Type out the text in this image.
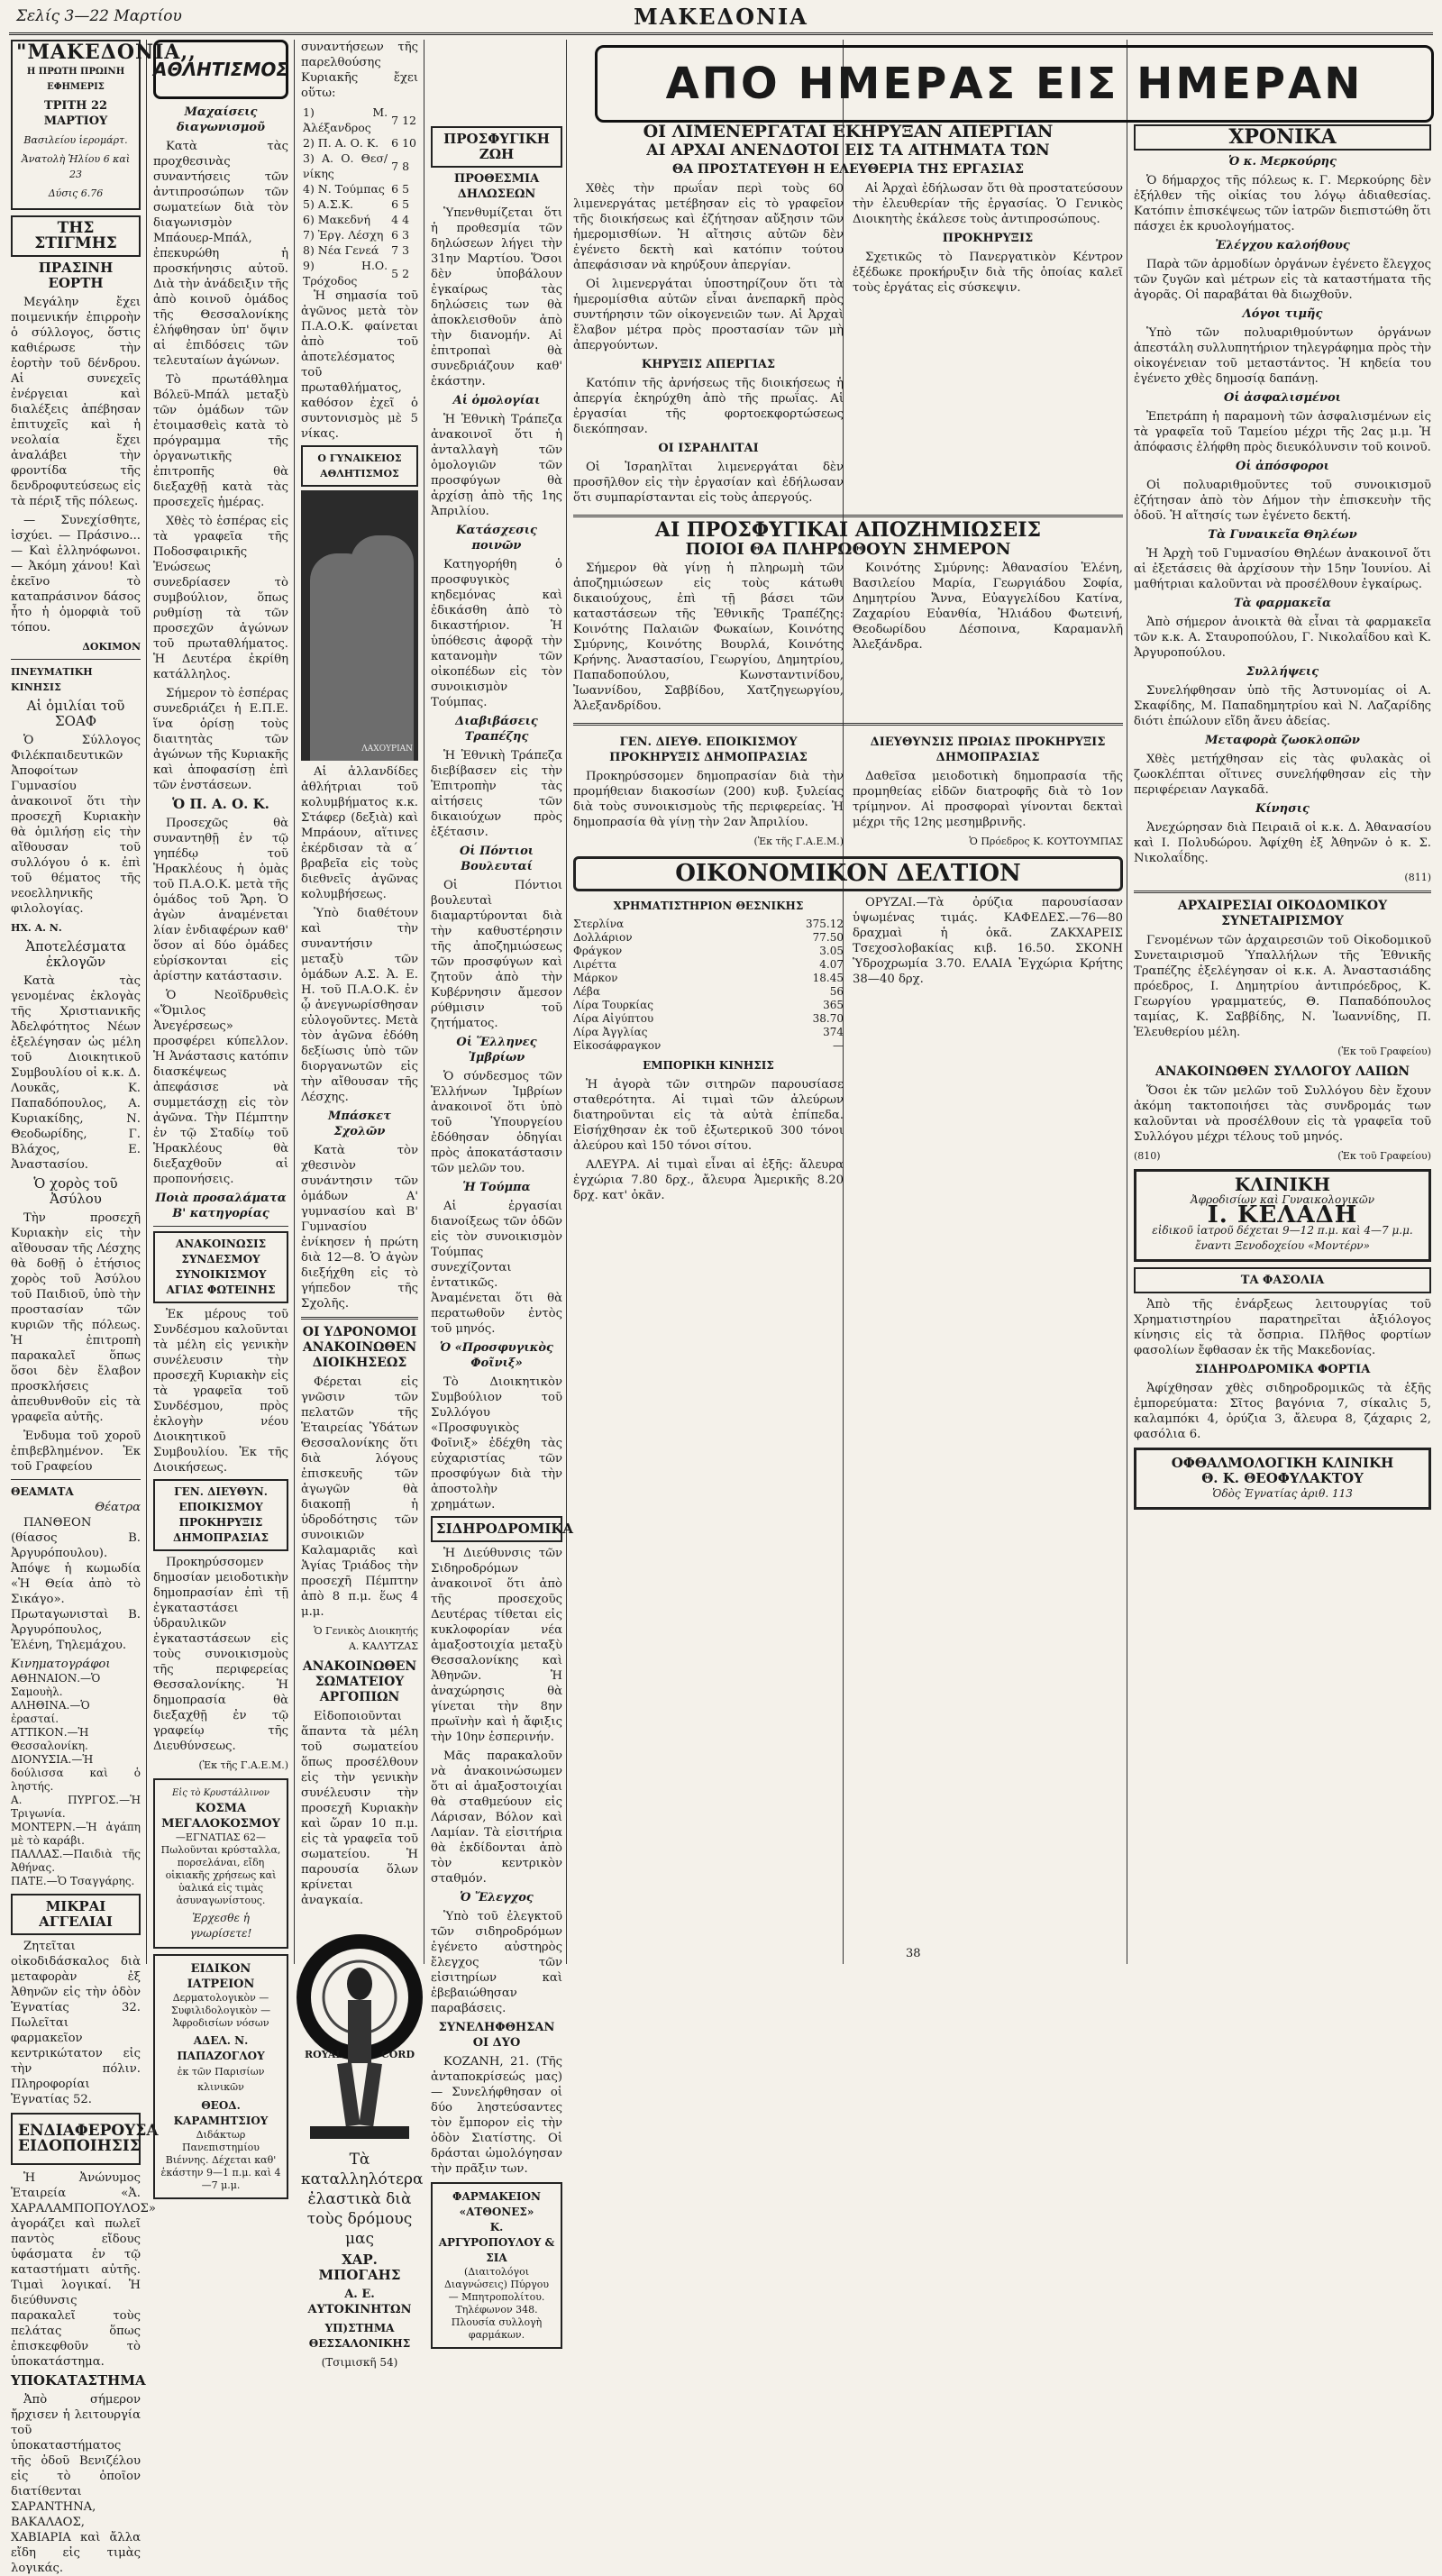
Σελίς 3—22 Μαρτίου	ΜΑΚΕΔΟΝΙΑ
"ΜΑΚΕΔΟΝΙΑ,,
Η ΠΡΩΤΗ ΠΡΩΙΝΗ ΕΦΗΜΕΡΙΣ
ΤΡΙΤΗ 22 ΜΑΡΤΙΟΥ
Βασιλείου ἱερομάρτ.
Ἀνατολὴ Ἡλίου 6 καὶ 23
Δύσις 6.76
ΤΗΣ ΣΤΙΓΜΗΣ
ΠΡΑΣΙΝΗ ΕΟΡΤΗ

Μεγάλην ἔχει ποιμενικήν ἐπιρροὴν ὁ σύλλογος, ὅστις καθιέρωσε τὴν ἑορτὴν τοῦ δένδρου. Αἱ συνεχεῖς ἐνέργειαι καὶ διαλέξεις ἀπέβησαν ἐπιτυχεῖς καὶ ἡ νεολαία ἔχει ἀναλάβει τὴν φροντίδα τῆς δενδροφυτεύσεως εἰς τὰ πέριξ τῆς πόλεως.

— Συνεχίσθητε, ἰσχύει. — Πράσινο... — Καὶ ἐλληνόφωνοι. — Ἀκόμη χάνου! Καὶ ἐκεῖνο τὸ καταπράσινον δάσος ἦτο ἡ ὀμορφιὰ τοῦ τόπου.

ΔΟΚΙΜΟΝ
ΠΝΕΥΜΑΤΙΚΗ ΚΙΝΗΣΙΣ
Αἱ ὁμιλίαι τοῦ ΣΟΑΦ

Ὁ Σύλλογος Φιλέκπαιδευτικῶν Ἀποφοίτων Γυμνασίου ἀνακοινοῖ ὅτι τὴν προσεχῆ Κυριακὴν θὰ ὁμιλήσῃ εἰς τὴν αἴθουσαν τοῦ συλλόγου ὁ κ. ἐπὶ τοῦ θέματος τῆς νεοελληνικῆς φιλολογίας.

ΗΧ. Α. Ν.
Ἀποτελέσματα ἐκλογῶν

Κατὰ τὰς γενομένας ἐκλογὰς τῆς Χριστιανικῆς Ἀδελφότητος Νέων ἐξελέγησαν ὡς μέλη τοῦ Διοικητικοῦ Συμβουλίου οἱ κ.κ. Δ. Λουκᾶς, Κ. Παπαδόπουλος, Α. Κυριακίδης, Ν. Θεοδωρίδης, Γ. Βλάχος, Ε. Ἀναστασίου.

Ὁ χορὸς τοῦ Ἀσύλου

Τὴν προσεχῆ Κυριακὴν εἰς τὴν αἴθουσαν τῆς Λέσχης θὰ δοθῇ ὁ ἐτήσιος χορὸς τοῦ Ἀσύλου τοῦ Παιδιοῦ, ὑπὸ τὴν προστασίαν τῶν κυριῶν τῆς πόλεως. Ἡ ἐπιτροπὴ παρακαλεῖ ὅπως ὅσοι δὲν ἔλαβον προσκλήσεις ἀπευθυνθοῦν εἰς τὰ γραφεῖα αὐτῆς.

Ἐνδυμα τοῦ χοροῦ ἐπιβεβλημένον. Ἐκ τοῦ Γραφείου

ΘΕΑΜΑΤΑ
Θέατρα

ΠΑΝΘΕΟΝ (θίασος Β. Ἀργυρόπουλου). Ἀπόψε ἡ κωμωδία «Ἡ Θεία ἀπὸ τὸ Σικάγο». Πρωταγωνισταὶ Β. Ἀργυρόπουλος, Ἑλένη, Τηλεμάχου.

Κινηματογράφοι
ΑΘΗΝΑΙΟΝ.—Ὁ Σαμουὴλ.
ΑΛΗΘΙΝΑ.—Ὁ ἐρασταί.
ΑΤΤΙΚΟΝ.—Ἡ Θεσσαλονίκη.
ΔΙΟΝΥΣΙΑ.—Ἡ δούλισσα καὶ ὁ ληστής.
Α. ΠΥΡΓΟΣ.—Ἡ Τριγωνία.
ΜΟΝΤΕΡΝ.—Ἡ ἀγάπη μὲ τὸ καράβι.
ΠΑΛΛΑΣ.—Παιδιὰ τῆς Ἀθήνας.
ΠΑΤΕ.—Ὁ Τσαγγάρης.
ΜΙΚΡΑΙ ΑΓΓΕΛΙΑΙ

Ζητεῖται οἰκοδιδάσκαλος διὰ μεταφορὰν ἐξ Ἀθηνῶν εἰς τὴν ὁδὸν Ἐγνατίας 32. Πωλεῖται φαρμακεῖον κεντρικώτατον εἰς τὴν πόλιν. Πληροφορίαι Ἐγνατίας 52.

ΕΝΔΙΑΦΕΡΟΥΣΑ ΕΙΔΟΠΟΙΗΣΙΣ

Ἡ Ἀνώνυμος Ἑταιρεία «Ἀ. ΧΑΡΑΛΑΜΠΟΠΟΥΛΟΣ» ἀγοράζει καὶ πωλεῖ παντὸς εἴδους ὑφάσματα ἐν τῷ καταστήματι αὐτῆς. Τιμαὶ λογικαί. Ἡ διεύθυνσις παρακαλεῖ τοὺς πελάτας ὅπως ἐπισκεφθοῦν τὸ ὑποκατάστημα.

ΥΠΟΚΑΤΑΣΤΗΜΑ

Ἀπὸ σήμερον ἤρχισεν ἡ λειτουργία τοῦ ὑποκαταστήματος τῆς ὁδοῦ Βενιζέλου εἰς τὸ ὁποῖον διατίθενται ΣΑΡΑΝΤΗΝΑ, ΒΑΚΑΛΑΟΣ, ΧΑΒΙΑΡΙΑ καὶ ἄλλα εἴδη εἰς τιμὰς λογικάς.

ΑΘΛΗΤΙΣΜΟΣ
Μαχαίσεις διαγωνισμοῦ

Κατὰ τὰς προχθεσινὰς συναντήσεις τῶν ἀντιπροσώπων τῶν σωματείων διὰ τὸν διαγωνισμὸν Μπάουερ-Μπάλ, ἐπεκυρώθη ἡ προσκήνησις αὐτοῦ. Διὰ τὴν ἀνάδειξιν τῆς ἀπὸ κοινοῦ ὁμάδος τῆς Θεσσαλονίκης ἐλήφθησαν ὑπ' ὄψιν αἱ ἐπιδόσεις τῶν τελευταίων ἀγώνων.

Τὸ πρωτάθλημα Βόλεϋ-Μπάλ μεταξὺ τῶν ὁμάδων τῶν ἐτοιμασθεὶς κατὰ τὸ πρόγραμμα τῆς ὀργανωτικῆς ἐπιτροπῆς θὰ διεξαχθῇ κατὰ τὰς προσεχεῖς ἡμέρας.

Χθὲς τὸ ἑσπέρας εἰς τὰ γραφεῖα τῆς Ποδοσφαιρικῆς Ἑνώσεως συνεδρίασεν τὸ συμβούλιον, ὅπως ρυθμίσῃ τὰ τῶν προσεχῶν ἀγώνων τοῦ πρωταθλήματος. Ἡ Δευτέρα ἐκρίθη κατάλληλος.

Σήμερον τὸ ἑσπέρας συνεδριάζει ἡ Ε.Π.Ε. ἵνα ὁρίσῃ τοὺς διαιτητὰς τῶν ἀγώνων τῆς Κυριακῆς καὶ ἀποφασίσῃ ἐπὶ τῶν ἐνστάσεων.

Ὁ Π. Α. Ο. Κ.

Προσεχῶς θὰ συναντηθῇ ἐν τῷ γηπέδῳ τοῦ Ἡρακλέους ἡ ὁμὰς τοῦ Π.Α.Ο.Κ. μετὰ τῆς ὁμάδος τοῦ Ἄρη. Ὁ ἀγὼν ἀναμένεται λίαν ἐνδιαφέρων καθ' ὅσον αἱ δύο ὁμάδες εὑρίσκονται εἰς ἀρίστην κατάστασιν.

Ὁ Νεοϊδρυθεὶς «Ὅμιλος Ἀνεγέρσεως» προσφέρει κύπελλον. Ἡ Ἀνάστασις κατόπιν διασκέψεως ἀπεφάσισε νὰ συμμετάσχῃ εἰς τὸν ἀγῶνα. Τὴν Πέμπτην ἐν τῷ Σταδίῳ τοῦ Ἡρακλέους θὰ διεξαχθοῦν αἱ προπονήσεις.

Ποιὰ προσαλάματα Β' κατηγορίας
ΑΝΑΚΟΙΝΩΣΙΣ ΣΥΝΔΕΣΜΟΥ ΣΥΝΟΙΚΙΣΜΟΥ ΑΓΙΑΣ ΦΩΤΕΙΝΗΣ

Ἐκ μέρους τοῦ Συνδέσμου καλοῦνται τὰ μέλη εἰς γενικὴν συνέλευσιν τὴν προσεχῆ Κυριακὴν εἰς τὰ γραφεῖα τοῦ Συνδέσμου, πρὸς ἐκλογὴν νέου Διοικητικοῦ Συμβουλίου. Ἐκ τῆς Διοικήσεως.

ΓΕΝ. ΔΙΕΥΘΥΝ. ΕΠΟΙΚΙΣΜΟΥ ΠΡΟΚΗΡΥΞΙΣ ΔΗΜΟΠΡΑΣΙΑΣ

Προκηρύσσομεν δημοσίαν μειοδοτικὴν δημοπρασίαν ἐπὶ τῇ ἐγκαταστάσει ὑδραυλικῶν ἐγκαταστάσεων εἰς τοὺς συνοικισμοὺς τῆς περιφερείας Θεσσαλονίκης. Ἡ δημοπρασία θὰ διεξαχθῇ ἐν τῷ γραφείῳ τῆς Διευθύνσεως.

(Ἐκ τῆς Γ.Α.Ε.Μ.)
Εἰς τὸ Κρυστάλλινον
ΚΟΣΜΑ ΜΕΓΑΛΟΚΟΣΜΟΥ
—ΕΓΝΑΤΙΑΣ 62— Πωλοῦνται κρύσταλλα, πορσελάναι, εἴδη οἰκιακῆς χρήσεως καὶ ὑαλικά εἰς τιμὰς ἀσυναγωνίστους.
Ἐρχεσθε ἡ γνωρίσετε!
ΕΙΔΙΚΟΝ ΙΑΤΡΕΙΟΝ
Δερματολογικὸν — Συφιλιδολογικὸν — Ἀφροδισίων νόσων
ΑΔΕΛ. Ν. ΠΑΠΑΖΟΓΛΟΥ
ἐκ τῶν Παρισίων κλινικῶν
ΘΕΟΔ. ΚΑΡΑΜΗΤΣΙΟΥ
Διδάκτωρ Πανεπιστημίου Βιέννης. Δέχεται καθ' ἑκάστην 9—1 π.μ. καὶ 4—7 μ.μ.

συναντήσεων τῆς παρελθούσης Κυριακῆς ἔχει οὕτω:

1) Μ. Ἀλέξανδρος	7	12
2) Π. Α. Ο. Κ.	6	10
3) Α. Ο. Θεσ/νίκης	7	8
4) Ν. Τούμπας	6	5
5) Α.Σ.Κ.	6	5
6) Μακεδνή	4	4
7) Ἐργ. Λέσχη	6	3
8) Νέα Γενεά	7	3
9) Η.Ο. Τρόχοδος	5	2

Ἡ σημασία τοῦ ἀγῶνος μετὰ τὸν Π.Α.Ο.Κ. φαίνεται ἀπὸ τοῦ ἀποτελέσματος τοῦ πρωταθλήματος, καθόσον ἐχεῖ ὁ συντονισμὸς μὲ 5 νίκας.

Ο ΓΥΝΑΙΚΕΙΟΣ ΑΘΛΗΤΙΣΜΟΣ
ΛΑΧΟΥΡΙΑΝ

Αἱ ἀλλανδίδες ἀθλήτριαι τοῦ κολυμβήματος κ.κ. Στάφερ (δεξιὰ) καὶ Μπράουν, αἵτινες ἐκέρδισαν τὰ α΄ βραβεῖα εἰς τοὺς διεθνεῖς ἀγῶνας κολυμβήσεως.

Ὑπὸ διαθέτουν καὶ τὴν συναντήσιν μεταξὺ τῶν ὁμάδων Α.Σ. Ἀ. Ε. Η. τοῦ Π.Α.Ο.Κ. ἐν ᾧ ἀνεγνωρίσθησαν εὐλογοῦντες. Μετὰ τὸν ἀγῶνα ἐδόθη δεξίωσις ὑπὸ τῶν διοργανωτῶν εἰς τὴν αἴθουσαν τῆς Λέσχης.

Μπάσκετ Σχολῶν

Κατὰ τὸν χθεσινὸν συνάντησιν τῶν ὁμάδων Α' γυμνασίου καὶ Β' Γυμνασίου ἐνίκησεν ἡ πρώτη διὰ 12—8. Ὁ ἀγὼν διεξήχθη εἰς τὸ γήπεδον τῆς Σχολῆς.

ΟΙ ΥΔΡΟΝΟΜΟΙ ΑΝΑΚΟΙΝΩΘΕΝ ΔΙΟΙΚΗΣΕΩΣ

Φέρεται εἰς γνῶσιν τῶν πελατῶν τῆς Ἑταιρείας Ὑδάτων Θεσσαλονίκης ὅτι διὰ λόγους ἐπισκευῆς τῶν ἀγωγῶν θὰ διακοπῇ ἡ ὑδροδότησις τῶν συνοικιῶν Καλαμαριᾶς καὶ Ἁγίας Τριάδος τὴν προσεχῆ Πέμπτην ἀπὸ 8 π.μ. ἕως 4 μ.μ.

Ὁ Γενικὸς Διοικητής Α. ΚΑΛΥΤΖΑΣ
ΑΝΑΚΟΙΝΩΘΕΝ ΣΩΜΑΤΕΙΟΥ ΑΡΓΟΠΙΩΝ

Εἰδοποιοῦνται ἅπαντα τὰ μέλη τοῦ σωματείου ὅπως προσέλθουν εἰς τὴν γενικὴν συνέλευσιν τὴν προσεχῆ Κυριακὴν καὶ ὥραν 10 π.μ. εἰς τὰ γραφεῖα τοῦ σωματείου. Ἡ παρουσία ὅλων κρίνεται ἀναγκαία.

ROYAL	CORD
Τὰ καταλληλότερα ἐλαστικὰ διὰ τοὺς δρόμους μας
ΧΑΡ. ΜΠΟΓΑΗΣ
Α. Ε. ΑΥΤΟΚΙΝΗΤΩΝ
ΥΠ)ΣΤΗΜΑ ΘΕΣΣΑΛΟΝΙΚΗΣ
(Τσιμισκῆ 54)
ΑΠΟ ΗΜΕΡΑΣ ΕΙΣ ΗΜΕΡΑΝ
ΠΡΟΣΦΥΓΙΚΗ ΖΩΗ
ΠΡΟΘΕΣΜΙΑ ΔΗΛΩΣΕΩΝ

Ὑπενθυμίζεται ὅτι ἡ προθεσμία τῶν δηλώσεων λήγει τὴν 31ην Μαρτίου. Ὅσοι δὲν ὑποβάλουν ἐγκαίρως τὰς δηλώσεις των θὰ ἀποκλεισθοῦν ἀπὸ τὴν διανομήν. Αἱ ἐπιτροπαὶ θὰ συνεδριάζουν καθ' ἑκάστην.

Αἱ ὁμολογίαι

Ἡ Ἐθνικὴ Τράπεζα ἀνακοινοῖ ὅτι ἡ ἀνταλλαγὴ τῶν ὁμολογιῶν τῶν προσφύγων θὰ ἀρχίσῃ ἀπὸ τῆς 1ης Ἀπριλίου.

Κατάσχεσις ποινῶν

Κατηγορήθη ὁ προσφυγικὸς κηδεμόνας καὶ ἐδικάσθη ἀπὸ τὸ δικαστήριον. Ἡ ὑπόθεσις ἀφορᾷ τὴν κατανομὴν τῶν οἰκοπέδων εἰς τὸν συνοικισμὸν Τούμπας.

Διαβιβάσεις Τραπέζης

Ἡ Ἐθνικὴ Τράπεζα διεβίβασεν εἰς τὴν Ἐπιτροπὴν τὰς αἰτήσεις τῶν δικαιούχων πρὸς ἐξέτασιν.

Οἱ Πόντιοι Βουλευταί

Οἱ Πόντιοι βουλευταὶ διαμαρτύρονται διὰ τὴν καθυστέρησιν τῆς ἀποζημιώσεως τῶν προσφύγων καὶ ζητοῦν ἀπὸ τὴν Κυβέρνησιν ἄμεσον ρύθμισιν τοῦ ζητήματος.

Οἱ Ἕλληνες Ἰμβρίων

Ὁ σύνδεσμος τῶν Ἑλλήνων Ἰμβρίων ἀνακοινοῖ ὅτι ὑπὸ τοῦ Ὑπουργείου ἐδόθησαν ὁδηγίαι πρὸς ἀποκατάστασιν τῶν μελῶν του.

Ἡ Τούμπα

Αἱ ἐργασίαι διανοίξεως τῶν ὁδῶν εἰς τὸν συνοικισμὸν Τούμπας συνεχίζονται ἐντατικῶς. Ἀναμένεται ὅτι θὰ περατωθοῦν ἐντὸς τοῦ μηνός.

Ὁ «Προσφυγικὸς Φοῖνιξ»

Τὸ Διοικητικὸν Συμβούλιον τοῦ Συλλόγου «Προσφυγικὸς Φοῖνιξ» ἐδέχθη τὰς εὐχαριστίας τῶν προσφύγων διὰ τὴν ἀποστολὴν χρημάτων.

ΣΙΔΗΡΟΔΡΟΜΙΚΑ

Ἡ Διεύθυνσις τῶν Σιδηροδρόμων ἀνακοινοῖ ὅτι ἀπὸ τῆς προσεχοῦς Δευτέρας τίθεται εἰς κυκλοφορίαν νέα ἁμαξοστοιχία μεταξὺ Θεσσαλονίκης καὶ Ἀθηνῶν. Ἡ ἀναχώρησις θὰ γίνεται τὴν 8ην πρωϊνὴν καὶ ἡ ἄφιξις τὴν 10ην ἑσπερινήν.

Μᾶς παρακαλοῦν νὰ ἀνακοινώσωμεν ὅτι αἱ ἁμαξοστοιχίαι θὰ σταθμεύουν εἰς Λάρισαν, Βόλον καὶ Λαμίαν. Τὰ εἰσιτήρια θὰ ἐκδίδονται ἀπὸ τὸν κεντρικὸν σταθμόν.

Ὁ Ἔλεγχος

Ὑπὸ τοῦ ἐλεγκτοῦ τῶν σιδηροδρόμων ἐγένετο αὐστηρὸς ἔλεγχος τῶν εἰσιτηρίων καὶ ἐβεβαιώθησαν παραβάσεις.

ΣΥΝΕΛΗΦΘΗΣΑΝ ΟΙ ΔΥΟ

ΚΟΖΑΝΗ, 21. (Τῆς ἀνταποκρίσεώς μας) — Συνελήφθησαν οἱ δύο ληστεύσαντες τὸν ἔμπορον εἰς τὴν ὁδὸν Σιατίστης. Οἱ δράσται ὡμολόγησαν τὴν πρᾶξιν των.

ΦΑΡΜΑΚΕΙΟΝ «ΑΤΘΟΝΕΣ»
Κ. ΑΡΓΥΡΟΠΟΥΛΟΥ & ΣΙΑ
(Διαιτολόγοι Διαγνώσεις) Πύργου — Μπητροπολίτου. Τηλέφωνον 348. Πλουσία συλλογὴ φαρμάκων.
ΟΙ ΛΙΜΕΝΕΡΓΑΤΑΙ ΕΚΗΡΥΞΑΝ ΑΠΕΡΓΙΑΝ
ΑΙ ΑΡΧΑΙ ΑΝΕΝΔΟΤΟΙ ΕΙΣ ΤΑ ΑΙΤΗΜΑΤΑ ΤΩΝ
ΘΑ ΠΡΟΣΤΑΤΕΥΘΗ Η ΕΛΕΥΘΕΡΙΑ ΤΗΣ ΕΡΓΑΣΙΑΣ

Χθὲς τὴν πρωΐαν περὶ τοὺς 60 λιμενεργάτας μετέβησαν εἰς τὸ γραφεῖον τῆς διοικήσεως καὶ ἐζήτησαν αὔξησιν τῶν ἡμερομισθίων. Ἡ αἴτησις αὐτῶν δὲν ἐγένετο δεκτὴ καὶ κατόπιν τούτου ἀπεφάσισαν νὰ κηρύξουν ἀπεργίαν.

Οἱ λιμενεργάται ὑποστηρίζουν ὅτι τὰ ἡμερομίσθια αὐτῶν εἶναι ἀνεπαρκῆ πρὸς συντήρησιν τῶν οἰκογενειῶν των. Αἱ Ἀρχαὶ ἔλαβον μέτρα πρὸς προστασίαν τῶν μὴ ἀπεργούντων.

ΚΗΡΥΞΙΣ ΑΠΕΡΓΙΑΣ

Κατόπιν τῆς ἀρνήσεως τῆς διοικήσεως ἡ ἀπεργία ἐκηρύχθη ἀπὸ τῆς πρωΐας. Αἱ ἐργασίαι τῆς φορτοεκφορτώσεως διεκόπησαν.

ΟΙ ΙΣΡΑΗΛΙΤΑΙ

Οἱ Ἰσραηλῖται λιμενεργάται δὲν προσῆλθον εἰς τὴν ἐργασίαν καὶ ἐδήλωσαν ὅτι συμπαρίστανται εἰς τοὺς ἀπεργούς.

Αἱ Ἀρχαὶ ἐδήλωσαν ὅτι θὰ προστατεύσουν τὴν ἐλευθερίαν τῆς ἐργασίας. Ὁ Γενικὸς Διοικητὴς ἐκάλεσε τοὺς ἀντιπροσώπους.

ΠΡΟΚΗΡΥΞΙΣ

Σχετικῶς τὸ Πανεργατικὸν Κέντρον ἐξέδωκε προκήρυξιν διὰ τῆς ὁποίας καλεῖ τοὺς ἐργάτας εἰς σύσκεψιν.

ΑΙ ΠΡΟΣΦΥΓΙΚΑΙ ΑΠΟΖΗΜΙΩΣΕΙΣ
ΠΟΙΟΙ ΘΑ ΠΛΗΡΩΘΟΥΝ ΣΗΜΕΡΟΝ

Σήμερον θὰ γίνῃ ἡ πληρωμὴ τῶν ἀποζημιώσεων εἰς τοὺς κάτωθι δικαιούχους, ἐπὶ τῇ βάσει τῶν καταστάσεων τῆς Ἐθνικῆς Τραπέζης: Κοινότης Παλαιῶν Φωκαίων, Κοινότης Σμύρνης, Κοινότης Βουρλά, Κοινότης Κρήνης. Ἀναστασίου, Γεωργίου, Δημητρίου, Παπαδοπούλου, Κωνσταντινίδου, Ἰωαννίδου, Σαββίδου, Χατζηγεωργίου, Ἀλεξανδρίδου.

Κοινότης Σμύρνης: Ἀθανασίου Ἑλένη, Βασιλείου Μαρία, Γεωργιάδου Σοφία, Δημητρίου Ἄννα, Εὐαγγελίδου Κατίνα, Ζαχαρίου Εὐανθία, Ἠλιάδου Φωτεινή, Θεοδωρίδου Δέσποινα, Καραμανλῆ Ἀλεξάνδρα.

ΓΕΝ. ΔΙΕΥΘ. ΕΠΟΙΚΙΣΜΟΥ ΠΡΟΚΗΡΥΞΙΣ ΔΗΜΟΠΡΑΣΙΑΣ

Προκηρύσσομεν δημοπρασίαν διὰ τὴν προμήθειαν διακοσίων (200) κυβ. ξυλείας διὰ τοὺς συνοικισμοὺς τῆς περιφερείας. Ἡ δημοπρασία θὰ γίνῃ τὴν 2αν Ἀπριλίου.

(Ἐκ τῆς Γ.Α.Ε.Μ.)
ΔΙΕΥΘΥΝΣΙΣ ΠΡΩΙΑΣ ΠΡΟΚΗΡΥΞΙΣ ΔΗΜΟΠΡΑΣΙΑΣ

Δαθεῖσα μειοδοτικὴ δημοπρασία τῆς προμηθείας εἰδῶν διατροφῆς διὰ τὸ 1ον τρίμηνον. Αἱ προσφοραὶ γίνονται δεκταὶ μέχρι τῆς 12ης μεσημβρινῆς.

Ὁ Πρόεδρος Κ. ΚΟΥΤΟΥΜΠΑΣ
ΟΙΚΟΝΟΜΙΚΟΝ ΔΕΛΤΙΟΝ
ΧΡΗΜΑΤΙΣΤΗΡΙΟΝ ΘΕΣΝΙΚΗΣ
Στερλίνα	375.12
Δολλάριον	77.50
Φράγκον	3.05
Λιρέττα	4.07
Μάρκον	18.45
Λέβα	56
Λίρα Τουρκίας	365
Λίρα Αἰγύπτου	38.70
Λίρα Ἀγγλίας	374
Εἰκοσάφραγκον	—
ΕΜΠΟΡΙΚΗ ΚΙΝΗΣΙΣ

Ἡ ἀγορὰ τῶν σιτηρῶν παρουσίασε σταθερότητα. Αἱ τιμαὶ τῶν ἀλεύρων διατηροῦνται εἰς τὰ αὐτὰ ἐπίπεδα. Εἰσήχθησαν ἐκ τοῦ ἐξωτερικοῦ 300 τόνοι ἀλεύρου καὶ 150 τόνοι σίτου.

ΑΛΕΥΡΑ. Αἱ τιμαὶ εἶναι αἱ ἑξῆς: ἄλευρα ἐγχώρια 7.80 δρχ., ἄλευρα Ἀμερικῆς 8.20 δρχ. κατ' ὀκᾶν.

ΟΡΥΖΑΙ.—Τὰ ὀρύζια παρουσίασαν ὑψωμένας τιμάς. ΚΑΦΕΔΕΣ.—76—80 δραχμαὶ ἡ ὀκᾶ. ΖΑΚΧΑΡΕΙΣ Τσεχοσλοβακίας κιβ. 16.50. ΣΚΟΝΗ Ὑδροχρωμία 3.70. ΕΛΑΙΑ Ἐγχώρια Κρήτης 38—40 δρχ.

ΧΡΟΝΙΚΑ
Ὁ κ. Μερκούρης

Ὁ δήμαρχος τῆς πόλεως κ. Γ. Μερκούρης δὲν ἐξήλθεν τῆς οἰκίας του λόγῳ ἀδιαθεσίας. Κατόπιν ἐπισκέψεως τῶν ἰατρῶν διεπιστώθη ὅτι πάσχει ἐκ κρυολογήματος.

Ἐλέγχου καλοήθους

Παρὰ τῶν ἀρμοδίων ὀργάνων ἐγένετο ἔλεγχος τῶν ζυγῶν καὶ μέτρων εἰς τὰ καταστήματα τῆς ἀγορᾶς. Οἱ παραβάται θὰ διωχθοῦν.

Λόγοι τιμῆς

Ὑπὸ τῶν πολυαριθμούντων ὀργάνων ἀπεστάλη συλλυπητήριον τηλεγράφημα πρὸς τὴν οἰκογένειαν τοῦ μεταστάντος. Ἡ κηδεία του ἐγένετο χθὲς δημοσίᾳ δαπάνῃ.

Οἱ ἀσφαλισμένοι

Ἐπετράπη ἡ παραμονὴ τῶν ἀσφαλισμένων εἰς τὰ γραφεῖα τοῦ Ταμείου μέχρι τῆς 2ας μ.μ. Ἡ ἀπόφασις ἐλήφθη πρὸς διευκόλυνσιν τοῦ κοινοῦ.

Οἱ ἀπόσφοροι

Οἱ πολυαριθμοῦντες τοῦ συνοικισμοῦ ἐζήτησαν ἀπὸ τὸν Δήμον τὴν ἐπισκευὴν τῆς ὁδοῦ. Ἡ αἴτησίς των ἐγένετο δεκτή.

Τὰ Γυναικεῖα Θηλέων

Ἡ Ἀρχὴ τοῦ Γυμνασίου Θηλέων ἀνακοινοῖ ὅτι αἱ ἐξετάσεις θὰ ἀρχίσουν τὴν 15ην Ἰουνίου. Αἱ μαθήτριαι καλοῦνται νὰ προσέλθουν ἐγκαίρως.

Τὰ φαρμακεῖα

Ἀπὸ σήμερον ἀνοικτὰ θὰ εἶναι τὰ φαρμακεῖα τῶν κ.κ. Α. Σταυροπούλου, Γ. Νικολαΐδου καὶ Κ. Ἀργυροπούλου.

Συλλήψεις

Συνελήφθησαν ὑπὸ τῆς Ἀστυνομίας οἱ Α. Σκαφίδης, Μ. Παπαδημητρίου καὶ Ν. Λαζαρίδης διότι ἐπώλουν εἴδη ἄνευ ἀδείας.

Μεταφορὰ ζωοκλοπῶν

Χθὲς μετήχθησαν εἰς τὰς φυλακὰς οἱ ζωοκλέπται οἵτινες συνελήφθησαν εἰς τὴν περιφέρειαν Λαγκαδᾶ.

Κίνησις

Ἀνεχώρησαν διὰ Πειραιᾶ οἱ κ.κ. Δ. Ἀθανασίου καὶ Ι. Πολυδώρου. Ἀφίχθη ἐξ Ἀθηνῶν ὁ κ. Σ. Νικολαΐδης.

(811)
ΑΡΧΑΙΡΕΣΙΑΙ ΟΙΚΟΔΟΜΙΚΟΥ ΣΥΝΕΤΑΙΡΙΣΜΟΥ

Γενομένων τῶν ἀρχαιρεσιῶν τοῦ Οἰκοδομικοῦ Συνεταιρισμοῦ Ὑπαλλήλων τῆς Ἐθνικῆς Τραπέζης ἐξελέγησαν οἱ κ.κ. Α. Ἀναστασιάδης πρόεδρος, Ι. Δημητρίου ἀντιπρόεδρος, Κ. Γεωργίου γραμματεύς, Θ. Παπαδόπουλος ταμίας, Κ. Σαββίδης, Ν. Ἰωαννίδης, Π. Ἐλευθερίου μέλη.

(Ἐκ τοῦ Γραφείου)
ΑΝΑΚΟΙΝΩΘΕΝ ΣΥΛΛΟΓΟΥ ΛΑΙΙΩΝ

Ὅσοι ἐκ τῶν μελῶν τοῦ Συλλόγου δὲν ἔχουν ἀκόμη τακτοποιήσει τὰς συνδρομάς των καλοῦνται νὰ προσέλθουν εἰς τὰ γραφεῖα τοῦ Συλλόγου μέχρι τέλους τοῦ μηνός.

(810)	(Ἐκ τοῦ Γραφείου)
ΚΛΙΝΙΚΗ
Ἀφροδισίων καὶ Γυναικολογικῶν
Ι. ΚΕΛΑΔΗ
εἰδικοῦ ἰατροῦ δέχεται 9—12 π.μ. καὶ 4—7 μ.μ.
ἔναντι Ξενοδοχείου «Μοντέρν»
ΤΑ ΦΑΣΟΛΙΑ

Ἀπὸ τῆς ἐνάρξεως λειτουργίας τοῦ Χρηματιστηρίου παρατηρεῖται ἀξιόλογος κίνησις εἰς τὰ ὄσπρια. Πλῆθος φορτίων φασολίων ἔφθασαν ἐκ τῆς Μακεδονίας.

ΣΙΔΗΡΟΔΡΟΜΙΚΑ ΦΟΡΤΙΑ

Ἀφίχθησαν χθὲς σιδηροδρομικῶς τὰ ἑξῆς ἐμπορεύματα: Σῖτος βαγόνια 7, σίκαλις 5, καλαμπόκι 4, ὀρύζια 3, ἄλευρα 8, ζάχαρις 2, φασόλια 6.

ΟΦΘΑΛΜΟΛΟΓΙΚΗ ΚΛΙΝΙΚΗ
Θ. Κ. ΘΕΟΦΥΛΑΚΤΟΥ
Ὁδὸς Ἐγνατίας ἀριθ. 113
38
